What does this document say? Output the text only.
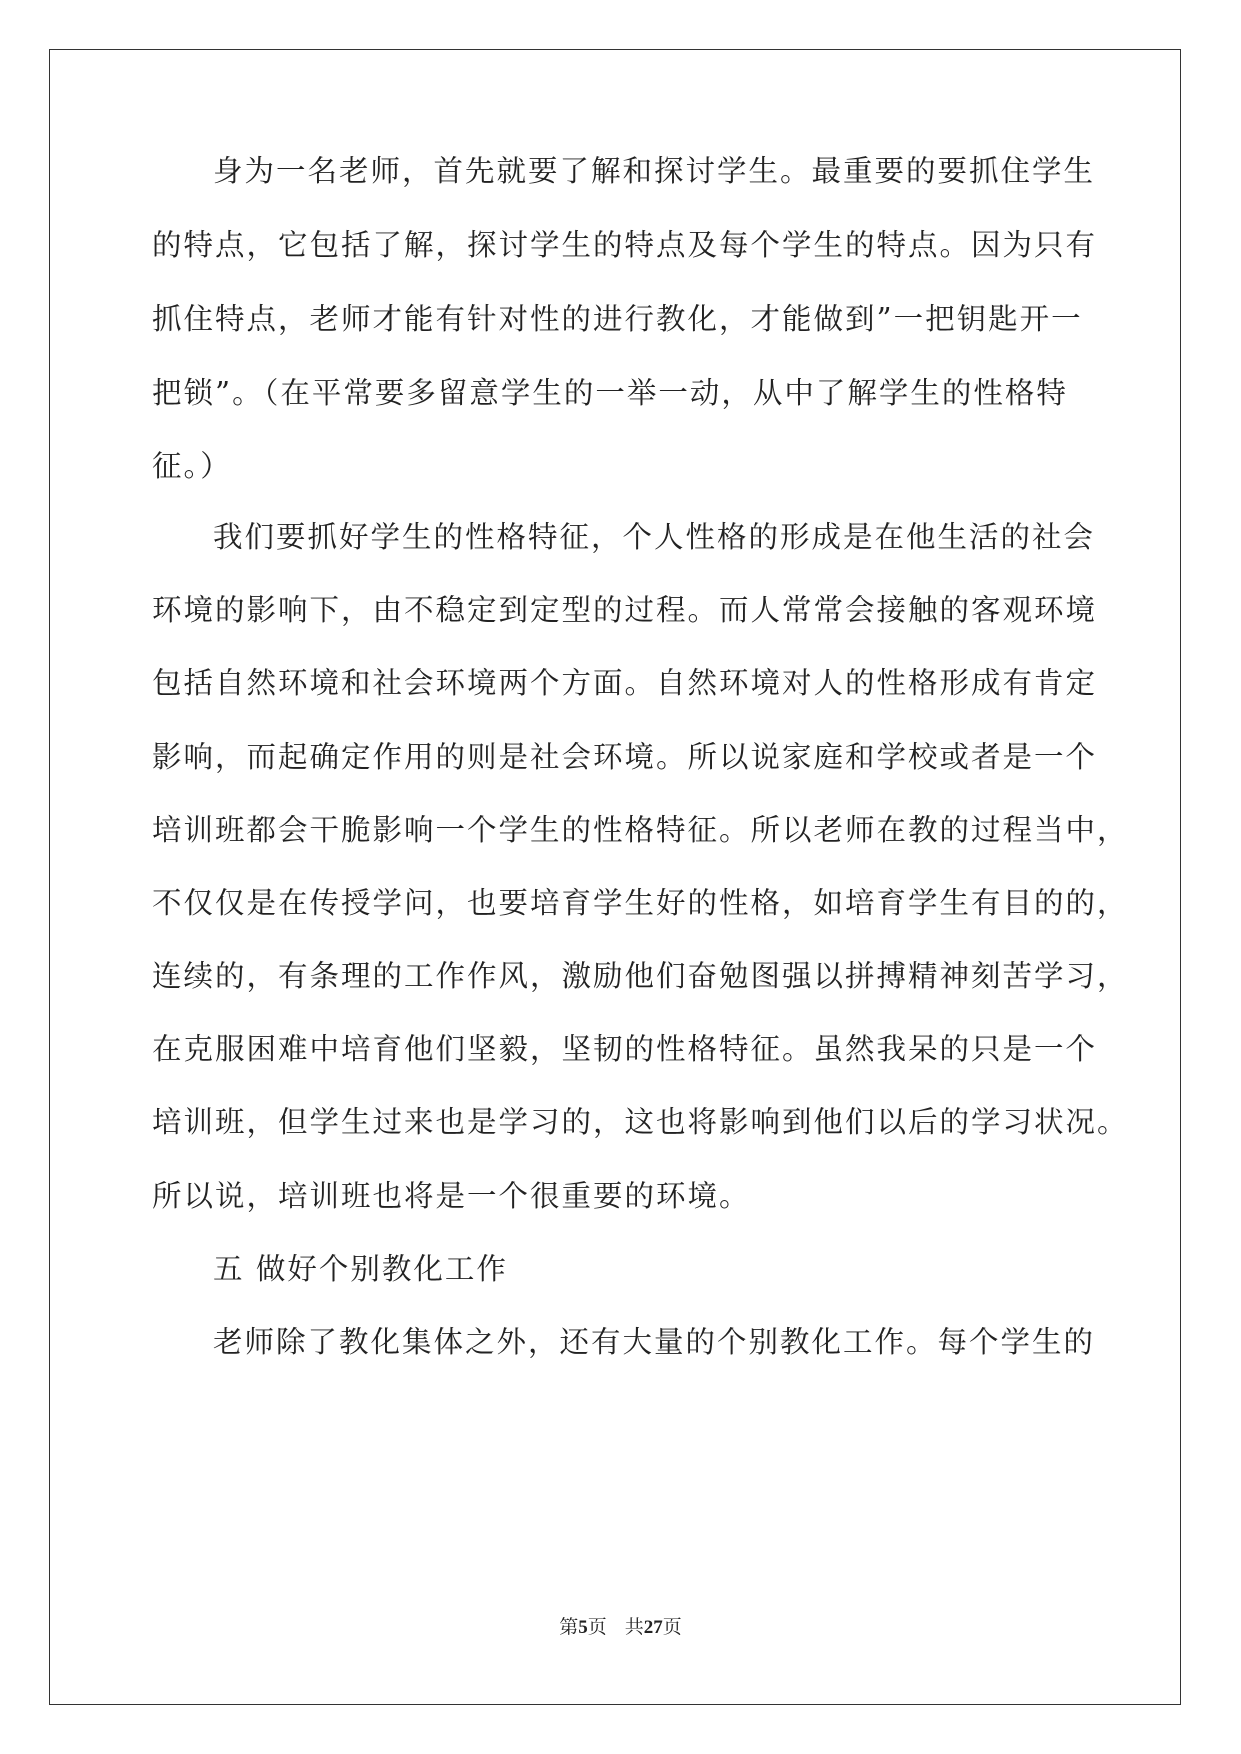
身为一名老师，首先就要了解和探讨学生。最重要的要抓住学生
的特点，它包括了解，探讨学生的特点及每个学生的特点。因为只有
抓住特点，老师才能有针对性的进行教化，才能做到”一把钥匙开一
把锁”。（在平常要多留意学生的一举一动，从中了解学生的性格特
征。）
我们要抓好学生的性格特征，个人性格的形成是在他生活的社会
环境的影响下，由不稳定到定型的过程。而人常常会接触的客观环境
包括自然环境和社会环境两个方面。自然环境对人的性格形成有肯定
影响，而起确定作用的则是社会环境。所以说家庭和学校或者是一个
培训班都会干脆影响一个学生的性格特征。所以老师在教的过程当中，
不仅仅是在传授学问，也要培育学生好的性格，如培育学生有目的的，
连续的，有条理的工作作风，激励他们奋勉图强以拼搏精神刻苦学习，
在克服困难中培育他们坚毅，坚韧的性格特征。虽然我呆的只是一个
培训班，但学生过来也是学习的，这也将影响到他们以后的学习状况。
所以说，培训班也将是一个很重要的环境。
五 做好个别教化工作
老师除了教化集体之外，还有大量的个别教化工作。每个学生的
第5页 共27页
